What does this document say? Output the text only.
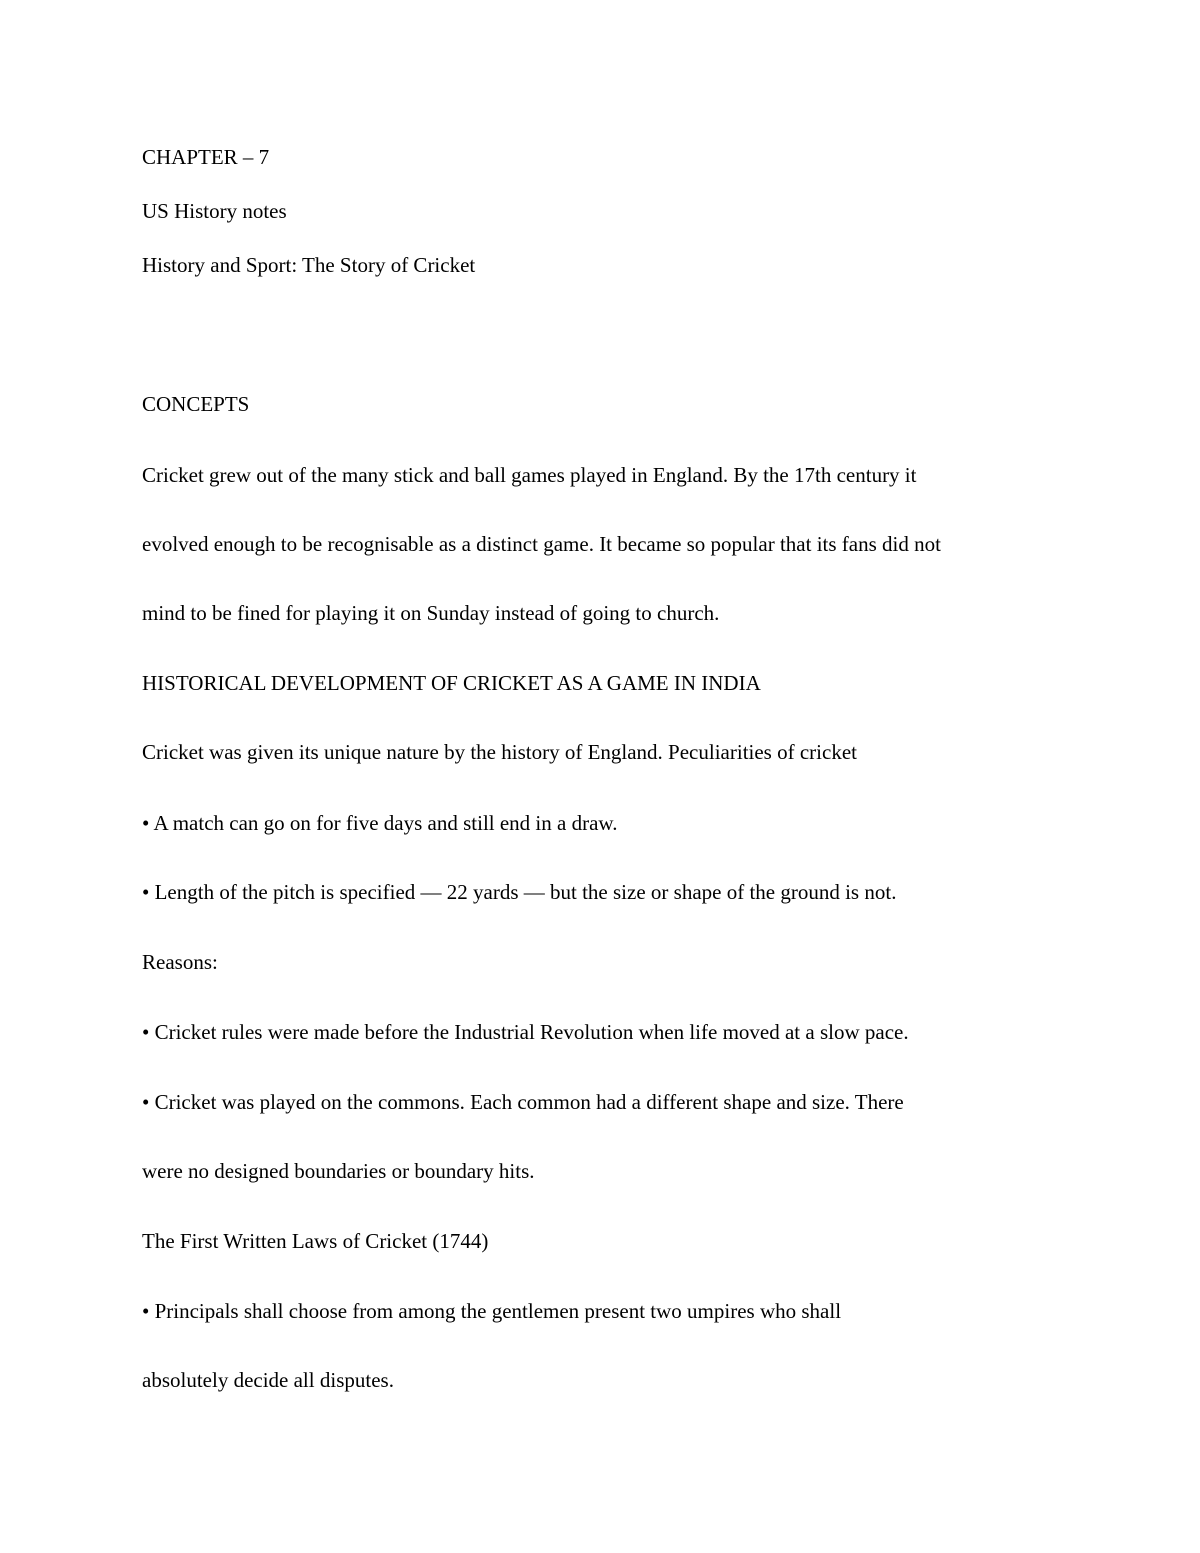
CHAPTER – 7

US History notes

History and Sport: The Story of Cricket

CONCEPTS

Cricket grew out of the many stick and ball games played in England. By the 17th century it

evolved enough to be recognisable as a distinct game. It became so popular that its fans did not

mind to be fined for playing it on Sunday instead of going to church.

HISTORICAL DEVELOPMENT OF CRICKET AS A GAME IN INDIA

Cricket was given its unique nature by the history of England. Peculiarities of cricket

• A match can go on for five days and still end in a draw.

• Length of the pitch is specified — 22 yards — but the size or shape of the ground is not.

Reasons:

• Cricket rules were made before the Industrial Revolution when life moved at a slow pace.

• Cricket was played on the commons. Each common had a different shape and size. There

were no designed boundaries or boundary hits.

The First Written Laws of Cricket (1744)

• Principals shall choose from among the gentlemen present two umpires who shall

absolutely decide all disputes.
